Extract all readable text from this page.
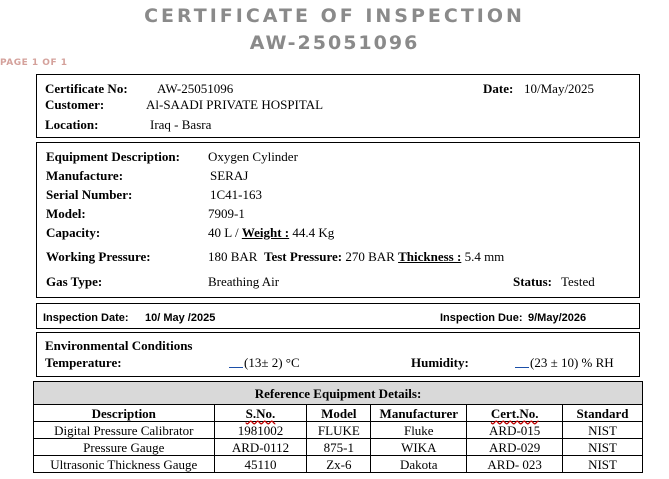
CERTIFICATE OF INSPECTION
AW-25051096
PAGE 1 OF 1
Certificate No: AW-25051096	Date: 10/May/2025
Customer:	Al-SAADI PRIVATE HOSPITAL
Location:	Iraq - Basra
Equipment Description: Oxygen Cylinder
Manufacture:	SERAJ
Serial Number:	1C41-163
Model:	7909-1
Capacity:	40 L / Weight : 44.4 Kg
Working Pressure:	180 BAR Test Pressure: 270 BAR Thickness : 5.4 mm
Gas Type:	Breathing Air	Status: Tested
Inspection Date: 10/ May /2025	Inspection Due: 9/May/2026
Environmental Conditions
Temperature:	(13± 2) °C	Humidity:	(23 ± 10) % RH
Reference Equipment Details:					
Description	S.No.	Model	Manufacturer	Cert.No.	Standard
Digital Pressure Calibrator	1981002	FLUKE	Fluke	ARD-015	NIST
Pressure Gauge	ARD-0112	875-1	WIKA	ARD-029	NIST
Ultrasonic Thickness Gauge	45110	Zx-6	Dakota	ARD- 023	NIST
